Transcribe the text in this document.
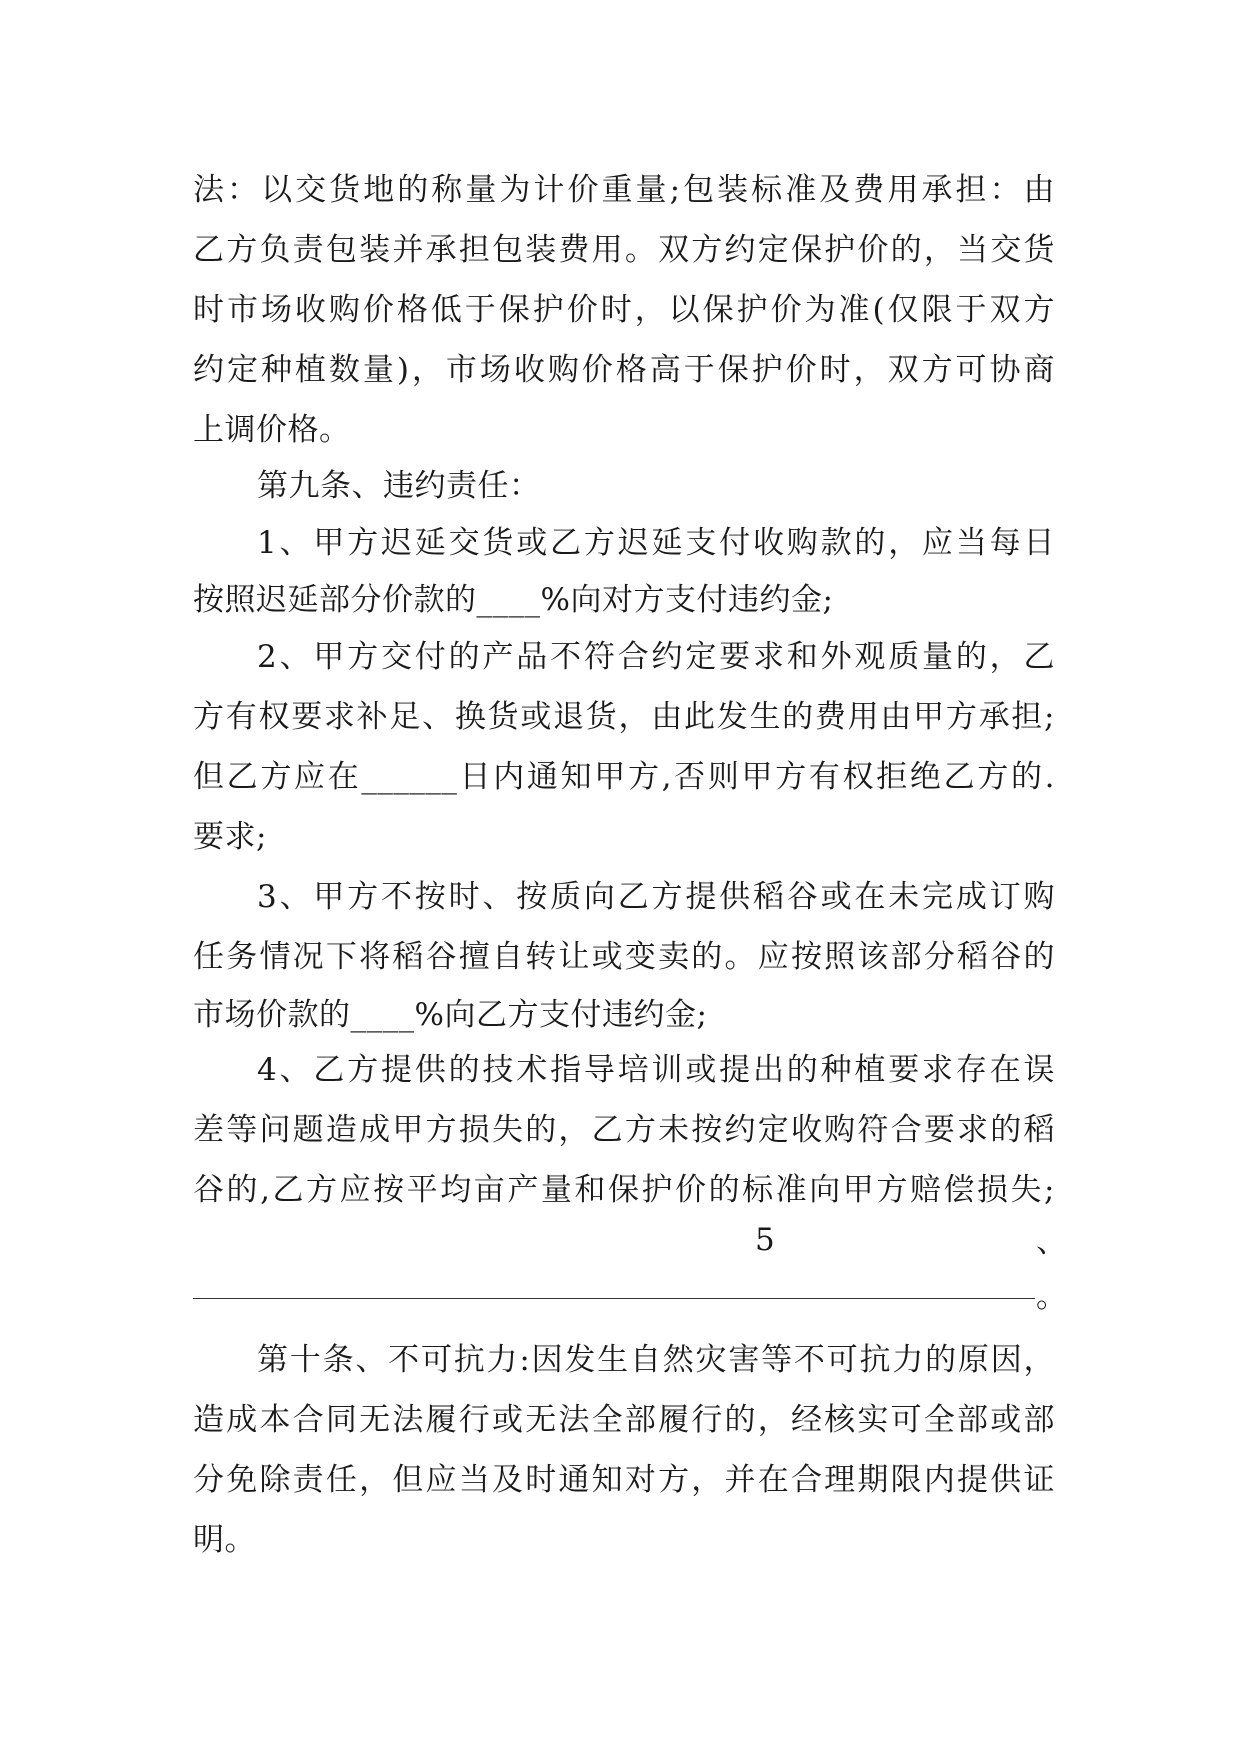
法：以交货地的称量为计价重量;包装标准及费用承担：由
乙方负责包装并承担包装费用。双方约定保护价的，当交货
时市场收购价格低于保护价时，以保护价为准(仅限于双方
约定种植数量)，市场收购价格高于保护价时，双方可协商
上调价格。
第九条、违约责任：
1、甲方迟延交货或乙方迟延支付收购款的，应当每日
按照迟延部分价款的____%向对方支付违约金;
2、甲方交付的产品不符合约定要求和外观质量的，乙
方有权要求补足、换货或退货，由此发生的费用由甲方承担;
但乙方应在______日内通知甲方,否则甲方有权拒绝乙方的.
要求;
3、甲方不按时、按质向乙方提供稻谷或在未完成订购
任务情况下将稻谷擅自转让或变卖的。应按照该部分稻谷的
市场价款的____%向乙方支付违约金;
4、乙方提供的技术指导培训或提出的种植要求存在误
差等问题造成甲方损失的，乙方未按约定收购符合要求的稻
谷的,乙方应按平均亩产量和保护价的标准向甲方赔偿损失;
5	、
。
第十条、不可抗力:因发生自然灾害等不可抗力的原因，
造成本合同无法履行或无法全部履行的，经核实可全部或部
分免除责任，但应当及时通知对方，并在合理期限内提供证
明。
